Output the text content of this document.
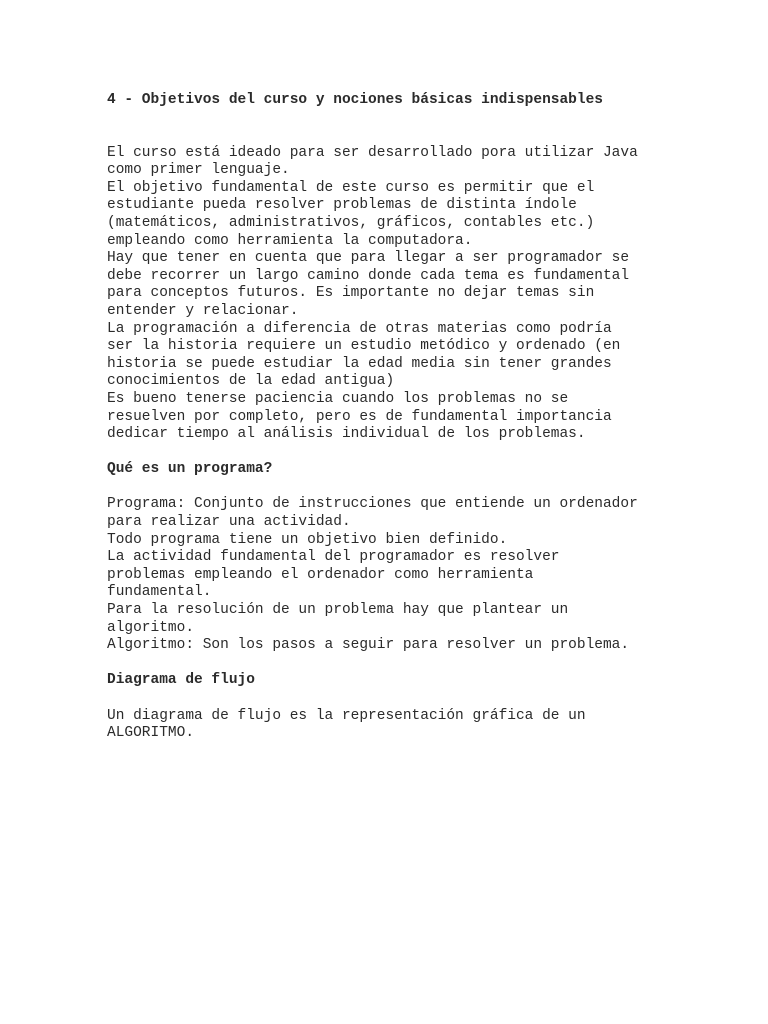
4 - Objetivos del curso y nociones básicas indispensables
El curso está ideado para ser desarrollado pora utilizar Java
como primer lenguaje.
El objetivo fundamental de este curso es permitir que el
estudiante pueda resolver problemas de distinta índole
(matemáticos, administrativos, gráficos, contables etc.)
empleando como herramienta la computadora.
Hay que tener en cuenta que para llegar a ser programador se
debe recorrer un largo camino donde cada tema es fundamental
para conceptos futuros. Es importante no dejar temas sin
entender y relacionar.
La programación a diferencia de otras materias como podría
ser la historia requiere un estudio metódico y ordenado (en
historia se puede estudiar la edad media sin tener grandes
conocimientos de la edad antigua)
Es bueno tenerse paciencia cuando los problemas no se
resuelven por completo, pero es de fundamental importancia
dedicar tiempo al análisis individual de los problemas.
Qué es un programa?
Programa: Conjunto de instrucciones que entiende un ordenador
para realizar una actividad.
Todo programa tiene un objetivo bien definido.
La actividad fundamental del programador es resolver
problemas empleando el ordenador como herramienta
fundamental.
Para la resolución de un problema hay que plantear un
algoritmo.
Algoritmo: Son los pasos a seguir para resolver un problema.
Diagrama de flujo
Un diagrama de flujo es la representación gráfica de un
ALGORITMO.
